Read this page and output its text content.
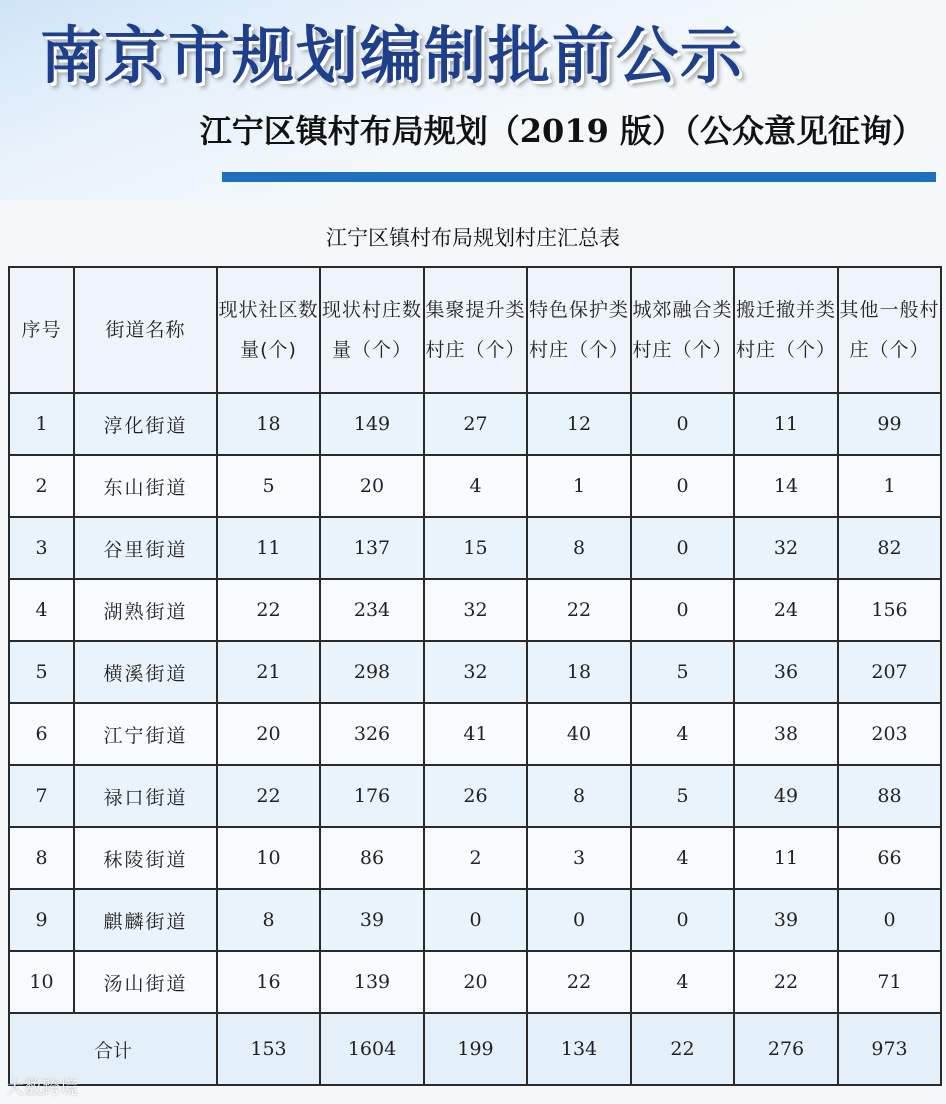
南京市规划编制批前公示
江宁区镇村布局规划（2019 版）（公众意见征询）
江宁区镇村布局规划村庄汇总表
序号	街道名称	现状社区数量(个)	现状村庄数量（个）	集聚提升类村庄（个）	特色保护类村庄（个）	城郊融合类村庄（个）	搬迁撤并类村庄（个）	其他一般村庄（个）
1	淳化街道	18	149	27	12	0	11	99
2	东山街道	5	20	4	1	0	14	1
3	谷里街道	11	137	15	8	0	32	82
4	湖熟街道	22	234	32	22	0	24	156
5	横溪街道	21	298	32	18	5	36	207
6	江宁街道	20	326	41	40	4	38	203
7	禄口街道	22	176	26	8	5	49	88
8	秣陵街道	10	86	2	3	4	11	66
9	麒麟街道	8	39	0	0	0	39	0
10	汤山街道	16	139	20	22	4	22	71
合计		153	1604	199	134	22	276	973
大数跨境
